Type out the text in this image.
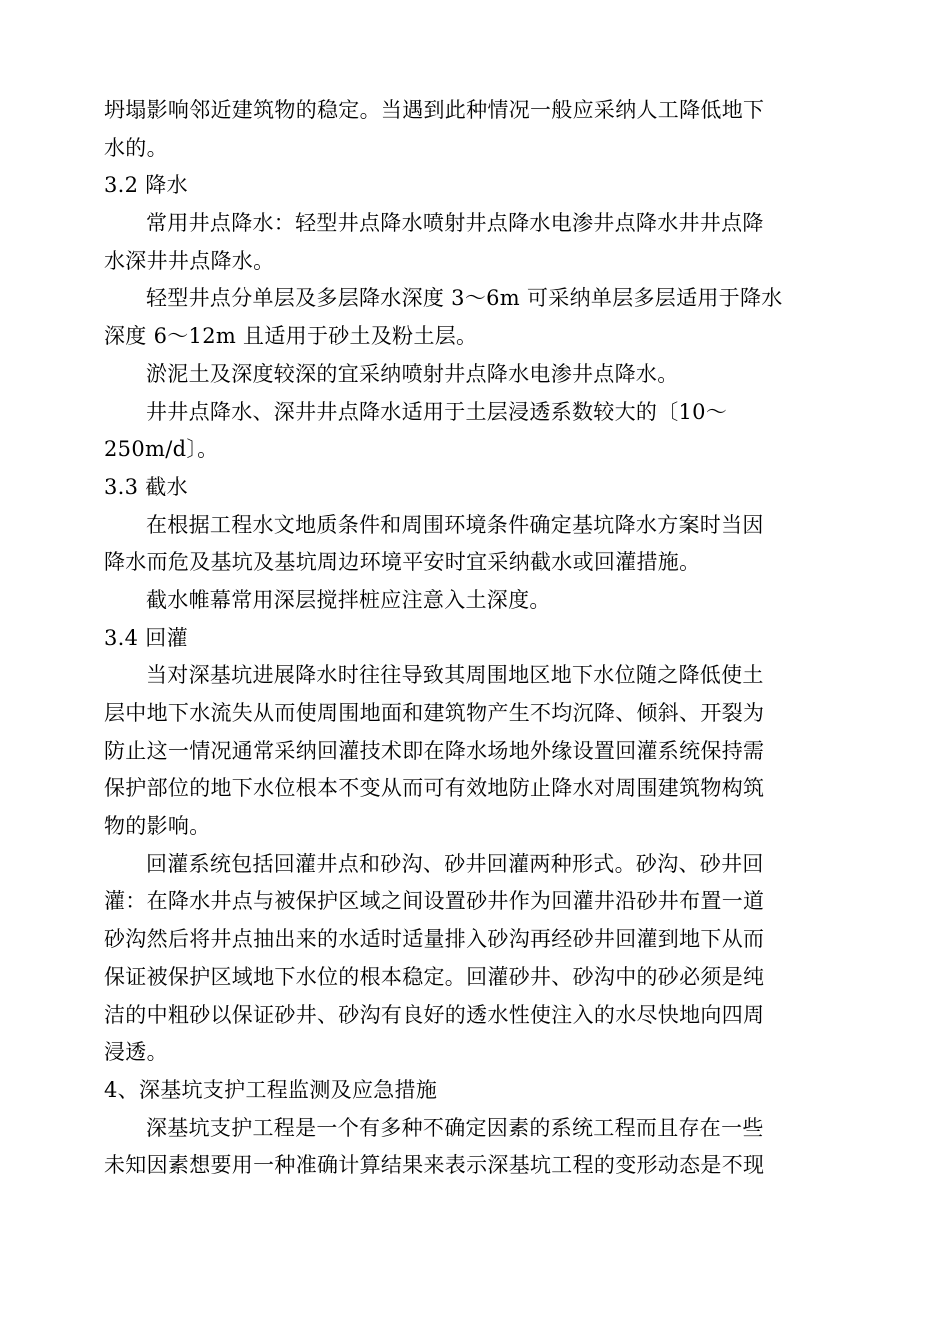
坍塌影响邻近建筑物的稳定。当遇到此种情况一般应采纳人工降低地下
水的。
3.2 降水
常用井点降水：轻型井点降水喷射井点降水电渗井点降水井井点降
水深井井点降水。
轻型井点分单层及多层降水深度 3～6m 可采纳单层多层适用于降水
深度 6～12m 且适用于砂土及粉土层。
淤泥土及深度较深的宜采纳喷射井点降水电渗井点降水。
井井点降水、深井井点降水适用于土层浸透系数较大的〔10～
250m/d〕。
3.3 截水
在根据工程水文地质条件和周围环境条件确定基坑降水方案时当因
降水而危及基坑及基坑周边环境平安时宜采纳截水或回灌措施。
截水帷幕常用深层搅拌桩应注意入土深度。
3.4 回灌
当对深基坑进展降水时往往导致其周围地区地下水位随之降低使土
层中地下水流失从而使周围地面和建筑物产生不均沉降、倾斜、开裂为
防止这一情况通常采纳回灌技术即在降水场地外缘设置回灌系统保持需
保护部位的地下水位根本不变从而可有效地防止降水对周围建筑物构筑
物的影响。
回灌系统包括回灌井点和砂沟、砂井回灌两种形式。砂沟、砂井回
灌：在降水井点与被保护区域之间设置砂井作为回灌井沿砂井布置一道
砂沟然后将井点抽出来的水适时适量排入砂沟再经砂井回灌到地下从而
保证被保护区域地下水位的根本稳定。回灌砂井、砂沟中的砂必须是纯
洁的中粗砂以保证砂井、砂沟有良好的透水性使注入的水尽快地向四周
浸透。
4、深基坑支护工程监测及应急措施
深基坑支护工程是一个有多种不确定因素的系统工程而且存在一些
未知因素想要用一种准确计算结果来表示深基坑工程的变形动态是不现
